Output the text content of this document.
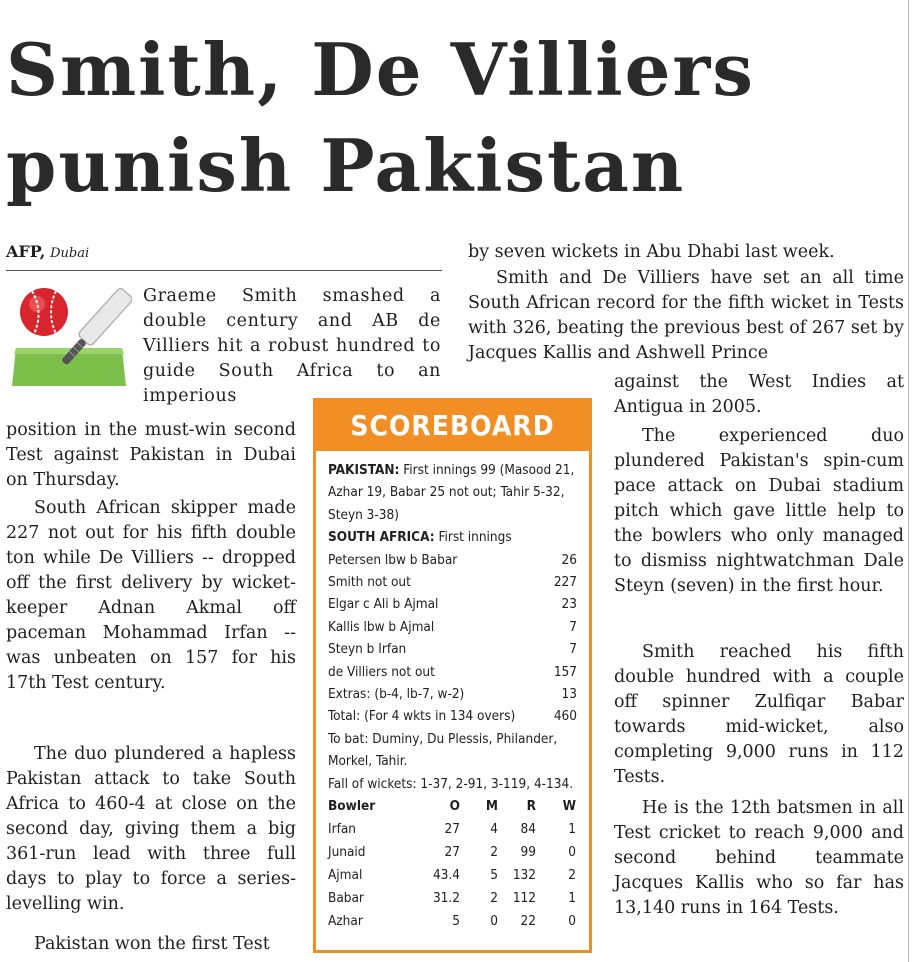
Smith, De Villiers punish Pakistan
AFP, Dubai

Graeme Smith smashed a double century and AB de Villiers hit a robust hundred to guide South Africa to an imperious

position in the must-win second Test against Pakistan in Dubai on Thursday.

South African skipper made 227 not out for his fifth double ton while De Villiers -- dropped off the first delivery by wicket-keeper Adnan Akmal off paceman Mohammad Irfan -- was unbeaten on 157 for his 17th Test century.

The duo plundered a hapless Pakistan attack to take South Africa to 460-4 at close on the second day, giving them a big 361-run lead with three full days to play to force a series-levelling win.

Pakistan won the first Test

by seven wickets in Abu Dhabi last week.

Smith and De Villiers have set an all time South African record for the fifth wicket in Tests with 326, beating the previous best of 267 set by Jacques Kallis and Ashwell Prince

against the West Indies at Antigua in 2005.

The experienced duo plundered Pakistan's spin-cum pace attack on Dubai stadium pitch which gave little help to the bowlers who only managed to dismiss nightwatchman Dale Steyn (seven) in the first hour.

Smith reached his fifth double hundred with a couple off spinner Zulfiqar Babar towards mid-wicket, also completing 9,000 runs in 112 Tests.

He is the 12th batsmen in all Test cricket to reach 9,000 and second behind teammate Jacques Kallis who so far has 13,140 runs in 164 Tests.

SCOREBOARD
PAKISTAN: First innings 99 (Masood 21, Azhar 19, Babar 25 not out; Tahir 5-32, Steyn 3-38)
SOUTH AFRICA: First innings
Petersen lbw b Babar	26
Smith not out	227
Elgar c Ali b Ajmal	23
Kallis lbw b Ajmal	7
Steyn b Irfan	7
de Villiers not out	157
Extras: (b-4, lb-7, w-2)	13
Total: (For 4 wkts in 134 overs)	460
To bat: Duminy, Du Plessis, Philander, Morkel, Tahir.
Fall of wickets: 1-37, 2-91, 3-119, 4-134.
Bowler	O	M	R	W
Irfan	27	4	84	1
Junaid	27	2	99	0
Ajmal	43.4	5	132	2
Babar	31.2	2	112	1
Azhar	5	0	22	0
